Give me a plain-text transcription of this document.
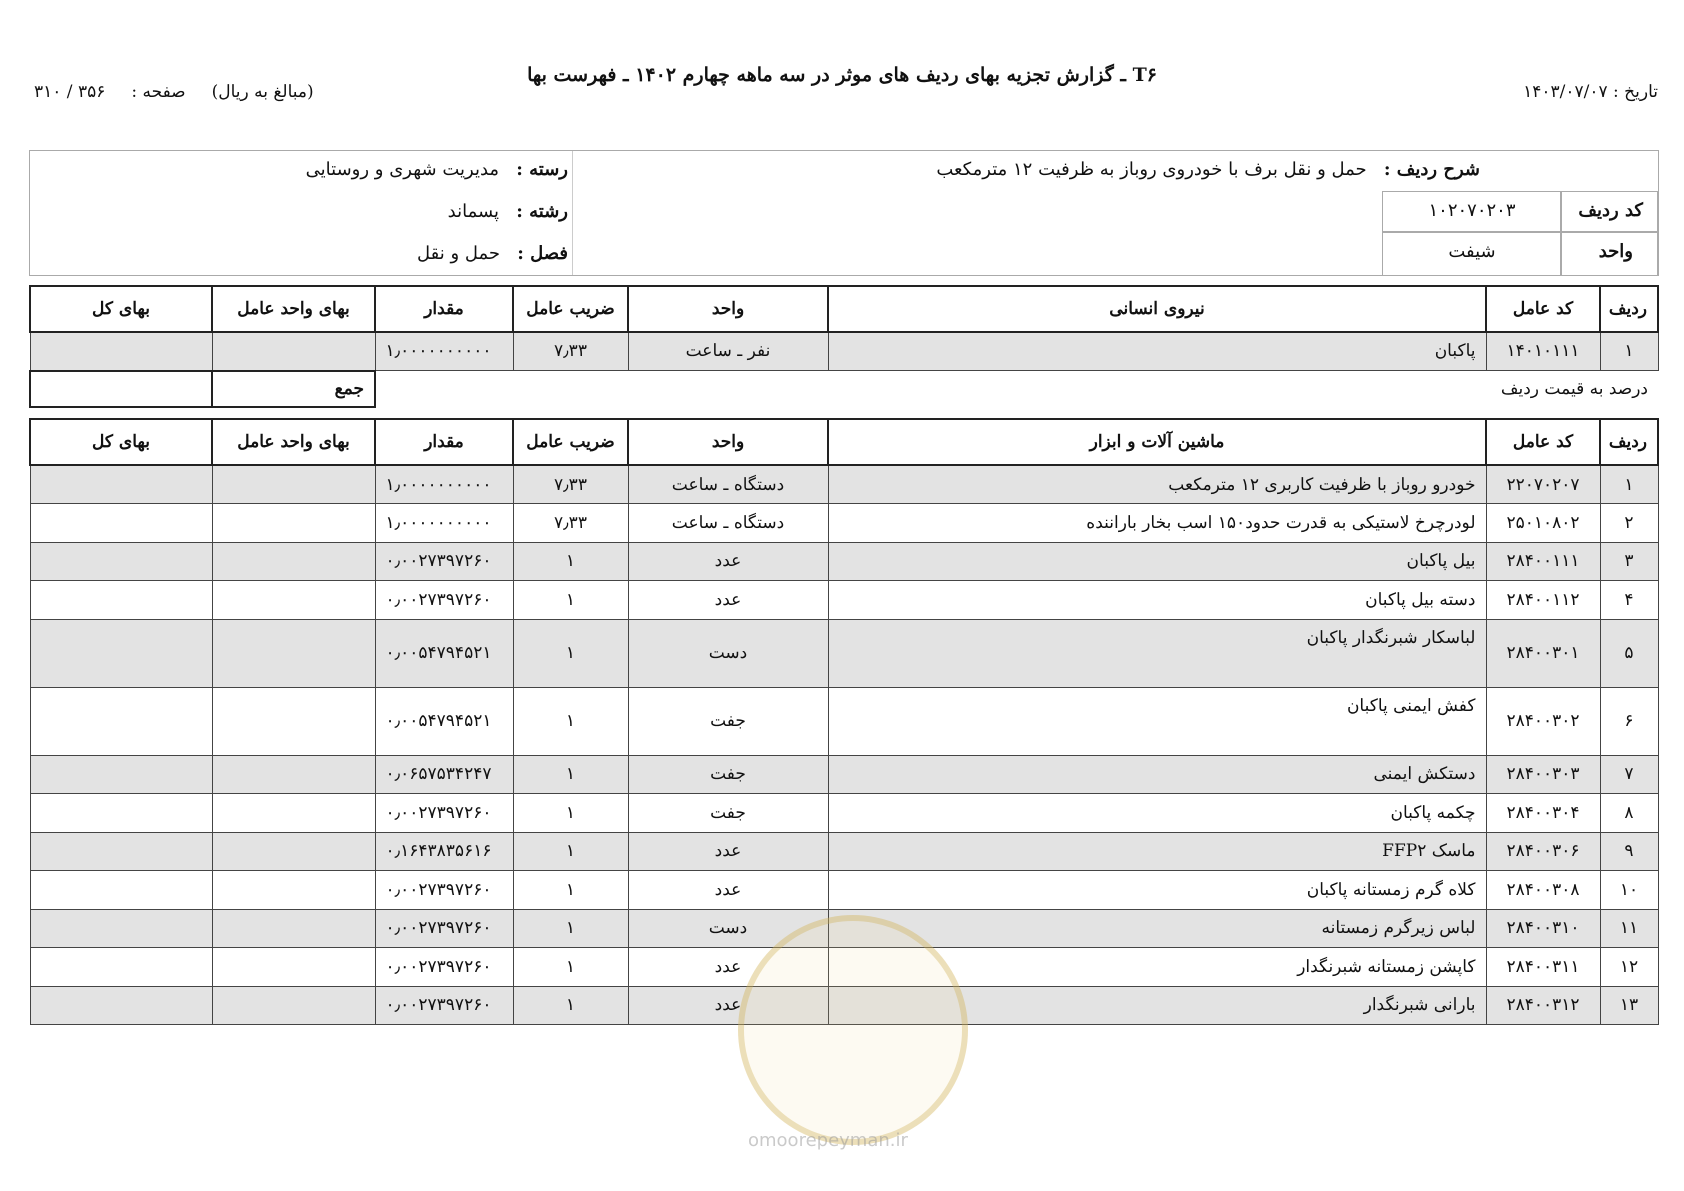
تاریخ : ۱۴۰۳/۰۷/۰۷
T۶ ـ گزارش تجزیه بهای ردیف های موثر در سه ماهه چهارم ۱۴۰۲ ـ فهرست بها
(مبالغ به ریال)
صفحه :
۳۵۶ / ۳۱۰
شرح ردیف :   حمل و نقل برف با خودروی روباز به ظرفیت ۱۲ مترمکعب
کد ردیف
۱۰۲۰۷۰۲۰۳
واحد
شیفت
رسته :   مدیریت شهری و روستایی
رشته :   پسماند
فصل :   حمل و نقل
ردیف	کد عامل	نیروی انسانی	واحد	ضریب عامل	مقدار	بهای واحد عامل	بهای کل
۱	۱۴۰۱۰۱۱۱	پاکبان	نفر ـ ساعت	۷٫۳۳	۱٫۰۰۰۰۰۰۰۰۰۰		
درصد به قیمت ردیف	جمع	
ردیف	کد عامل	ماشین آلات و ابزار	واحد	ضریب عامل	مقدار	بهای واحد عامل	بهای کل
۱	۲۲۰۷۰۲۰۷	خودرو روباز با ظرفیت کاربری ۱۲ مترمکعب	دستگاه ـ ساعت	۷٫۳۳	۱٫۰۰۰۰۰۰۰۰۰۰		
۲	۲۵۰۱۰۸۰۲	لودرچرخ لاستیکی به قدرت حدود۱۵۰ اسب بخار باراننده	دستگاه ـ ساعت	۷٫۳۳	۱٫۰۰۰۰۰۰۰۰۰۰		
۳	۲۸۴۰۰۱۱۱	بیل پاکبان	عدد	۱	۰٫۰۰۲۷۳۹۷۲۶۰		
۴	۲۸۴۰۰۱۱۲	دسته بیل پاکبان	عدد	۱	۰٫۰۰۲۷۳۹۷۲۶۰		
۵	۲۸۴۰۰۳۰۱	لباسکار شبرنگدار پاکبان	دست	۱	۰٫۰۰۵۴۷۹۴۵۲۱		
۶	۲۸۴۰۰۳۰۲	کفش ایمنی پاکبان	جفت	۱	۰٫۰۰۵۴۷۹۴۵۲۱		
۷	۲۸۴۰۰۳۰۳	دستکش ایمنی	جفت	۱	۰٫۰۶۵۷۵۳۴۲۴۷		
۸	۲۸۴۰۰۳۰۴	چکمه پاکبان	جفت	۱	۰٫۰۰۲۷۳۹۷۲۶۰		
۹	۲۸۴۰۰۳۰۶	ماسک FFP۲	عدد	۱	۰٫۱۶۴۳۸۳۵۶۱۶		
۱۰	۲۸۴۰۰۳۰۸	کلاه گرم زمستانه پاکبان	عدد	۱	۰٫۰۰۲۷۳۹۷۲۶۰		
۱۱	۲۸۴۰۰۳۱۰	لباس زیرگرم زمستانه	دست	۱	۰٫۰۰۲۷۳۹۷۲۶۰		
۱۲	۲۸۴۰۰۳۱۱	کاپشن زمستانه شبرنگدار	عدد	۱	۰٫۰۰۲۷۳۹۷۲۶۰		
۱۳	۲۸۴۰۰۳۱۲	بارانی شبرنگدار	عدد	۱	۰٫۰۰۲۷۳۹۷۲۶۰		
omoorepeyman.ir
